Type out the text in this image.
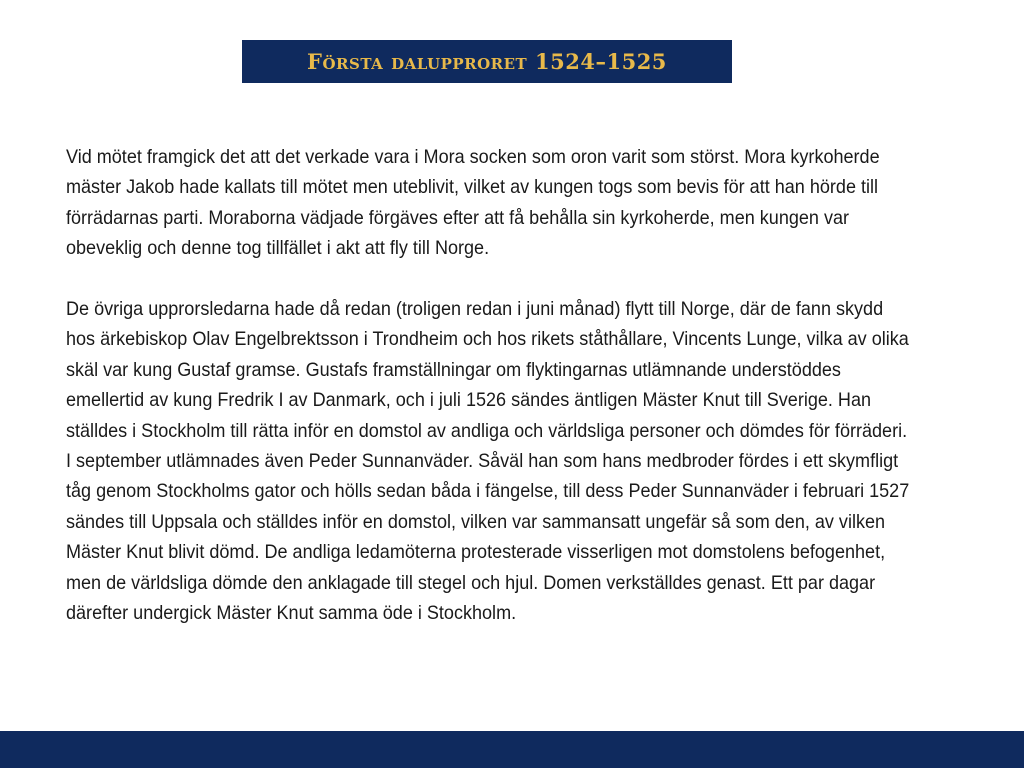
Första dalupproret 1524–1525

Vid mötet framgick det att det verkade vara i Mora socken som oron varit som störst. Mora kyrkoherde mäster Jakob hade kallats till mötet men uteblivit, vilket av kungen togs som bevis för att han hörde till förrädarnas parti. Moraborna vädjade förgäves efter att få behålla sin kyrkoherde, men kungen var obeveklig och denne tog tillfället i akt att fly till Norge.

De övriga upprorsledarna hade då redan (troligen redan i juni månad) flytt till Norge, där de fann skydd hos ärkebiskop Olav Engelbrektsson i Trondheim och hos rikets ståthållare, Vincents Lunge, vilka av olika skäl var kung Gustaf gramse. Gustafs framställningar om flyktingarnas utlämnande understöddes emellertid av kung Fredrik I av Danmark, och i juli 1526 sändes äntligen Mäster Knut till Sverige. Han ställdes i Stockholm till rätta inför en domstol av andliga och världsliga personer och dömdes för förräderi. I september utlämnades även Peder Sunnanväder. Såväl han som hans medbroder fördes i ett skymfligt tåg genom Stockholms gator och hölls sedan båda i fängelse, till dess Peder Sunnanväder i februari 1527 sändes till Uppsala och ställdes inför en domstol, vilken var sammansatt ungefär så som den, av vilken Mäster Knut blivit dömd. De andliga ledamöterna protesterade visserligen mot domstolens befogenhet, men de världsliga dömde den anklagade till stegel och hjul. Domen verkställdes genast. Ett par dagar därefter undergick Mäster Knut samma öde i Stockholm.
